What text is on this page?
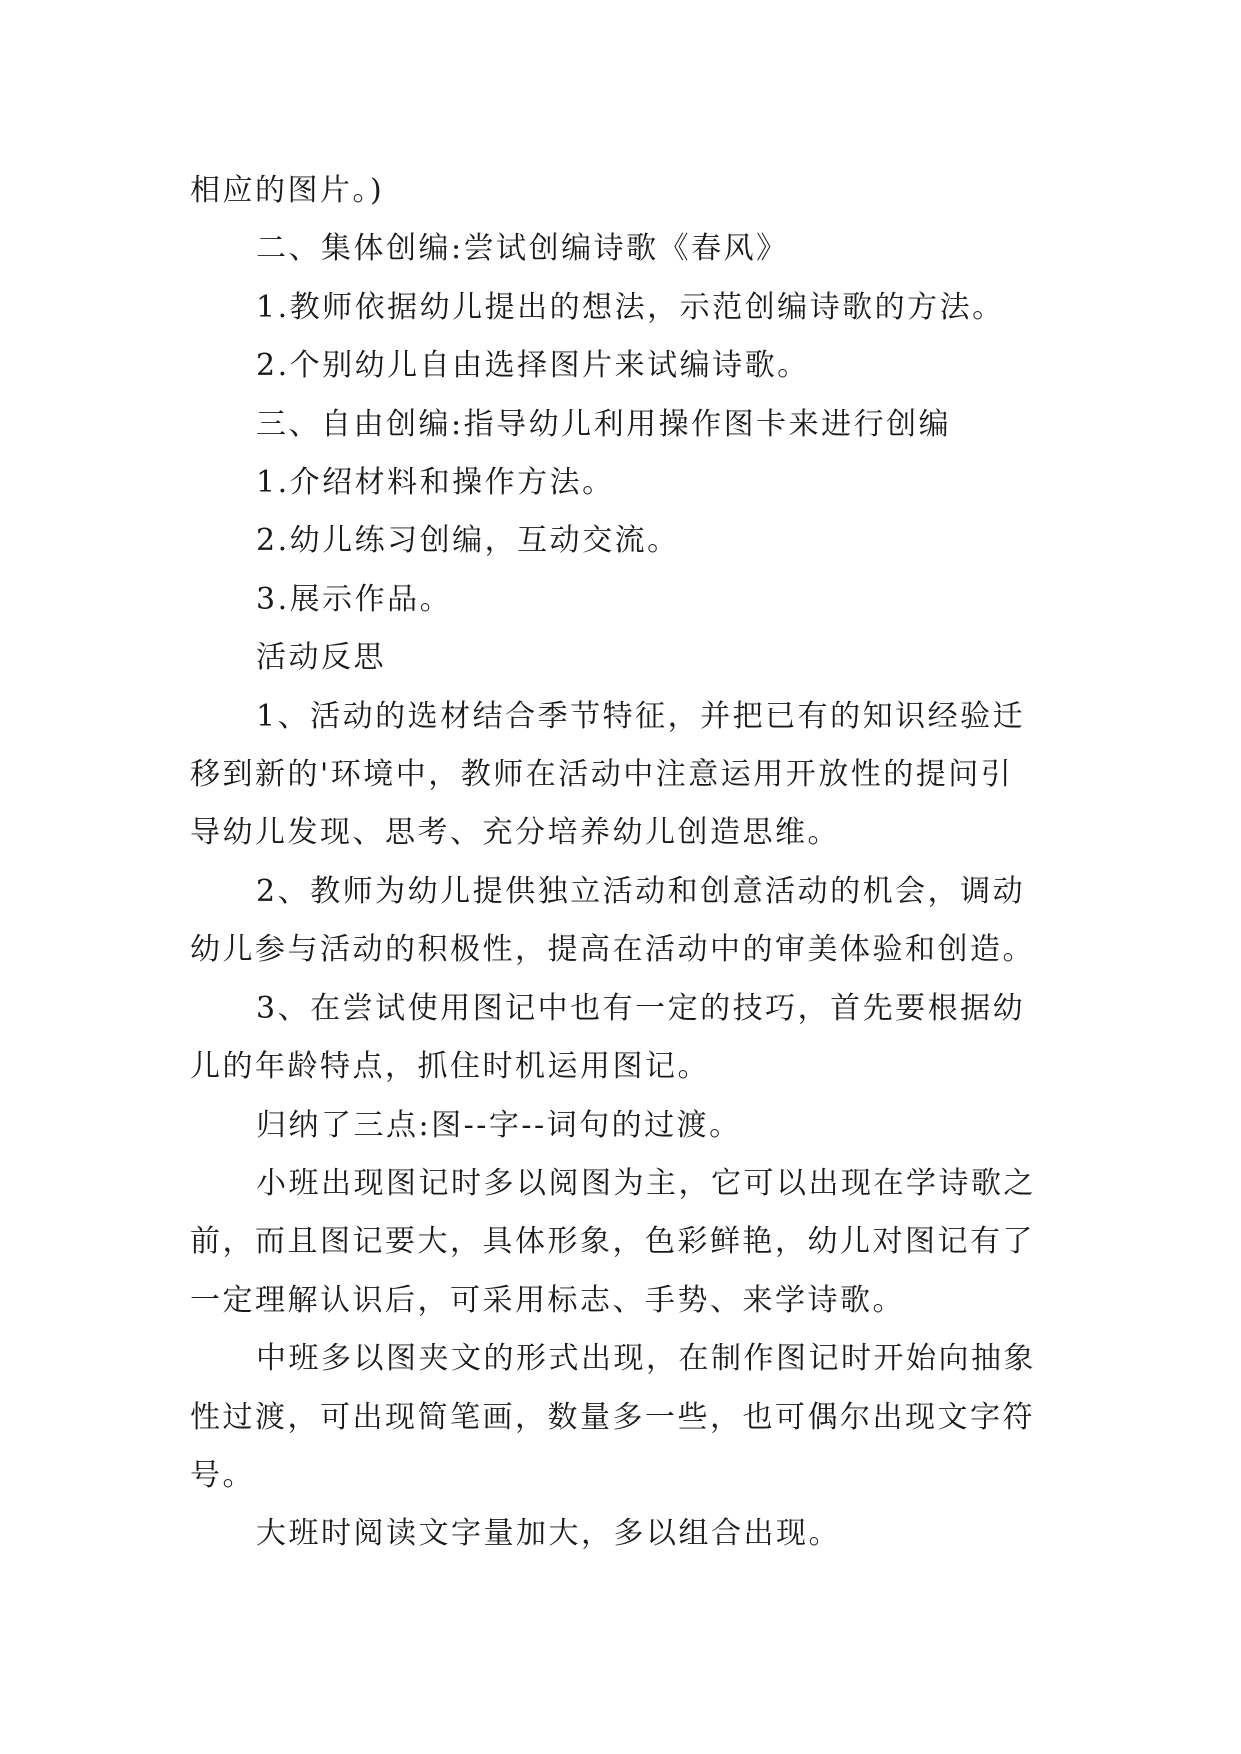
相应的图片。)

二、集体创编:尝试创编诗歌《春风》

1.教师依据幼儿提出的想法，示范创编诗歌的方法。

2.个别幼儿自由选择图片来试编诗歌。

三、自由创编:指导幼儿利用操作图卡来进行创编

1.介绍材料和操作方法。

2.幼儿练习创编，互动交流。

3.展示作品。

活动反思

1、活动的选材结合季节特征，并把已有的知识经验迁

移到新的'环境中，教师在活动中注意运用开放性的提问引
导幼儿发现、思考、充分培养幼儿创造思维。

2、教师为幼儿提供独立活动和创意活动的机会，调动

幼儿参与活动的积极性，提高在活动中的审美体验和创造。

3、在尝试使用图记中也有一定的技巧，首先要根据幼

儿的年龄特点，抓住时机运用图记。

归纳了三点:图--字--词句的过渡。

小班出现图记时多以阅图为主，它可以出现在学诗歌之

前，而且图记要大，具体形象，色彩鲜艳，幼儿对图记有了
一定理解认识后，可采用标志、手势、来学诗歌。

中班多以图夹文的形式出现，在制作图记时开始向抽象

性过渡，可出现简笔画，数量多一些，也可偶尔出现文字符
号。

大班时阅读文字量加大，多以组合出现。
